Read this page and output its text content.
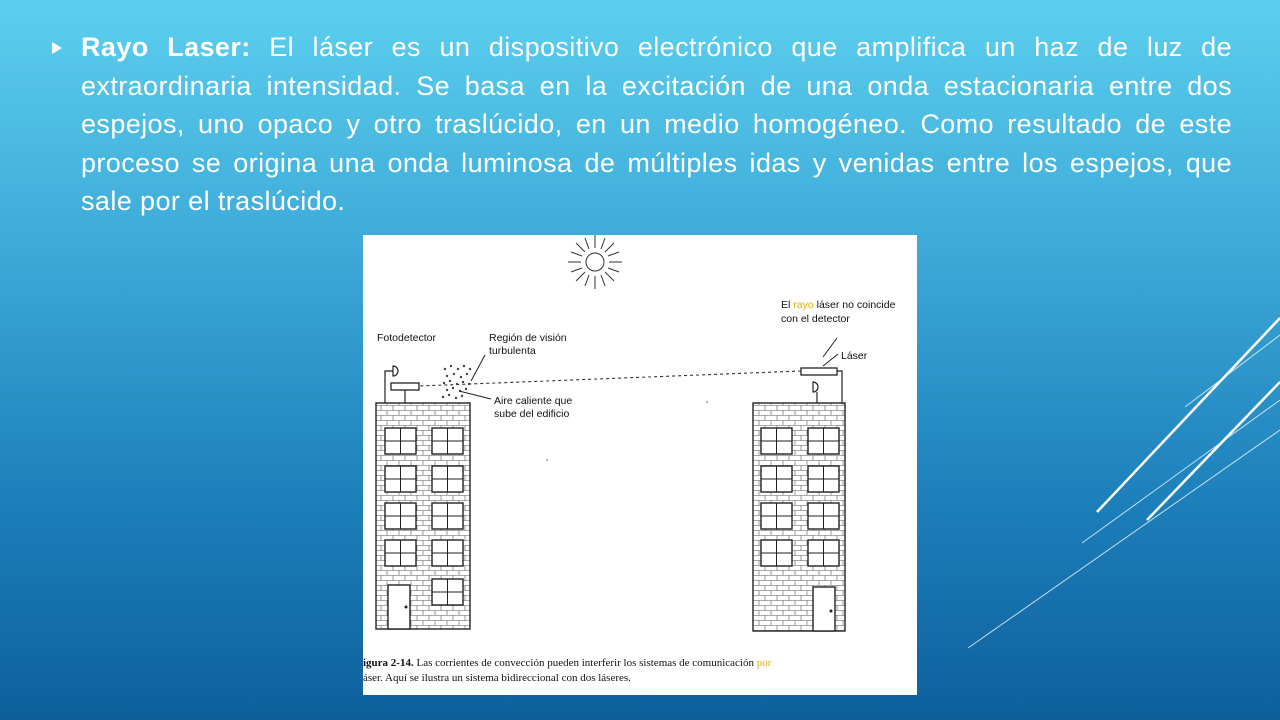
Rayo Laser: El láser es un dispositivo electrónico que amplifica un haz de luz de extraordinaria intensidad. Se basa en la excitación de una onda estacionaria entre dos espejos, uno opaco y otro traslúcido, en un medio homogéneo. Como resultado de este proceso se origina una onda luminosa de múltiples idas y venidas entre los espejos, que sale por el traslúcido.
Fotodetector	Región de visión
turbulenta
Aire caliente que
sube del edificio
El rayo láser no coincide
con el detector
Láser
igura 2-14. Las corrientes de convección pueden interferir los sistemas de comunicación por
áser. Aquí se ilustra un sistema bidireccional con dos láseres.
